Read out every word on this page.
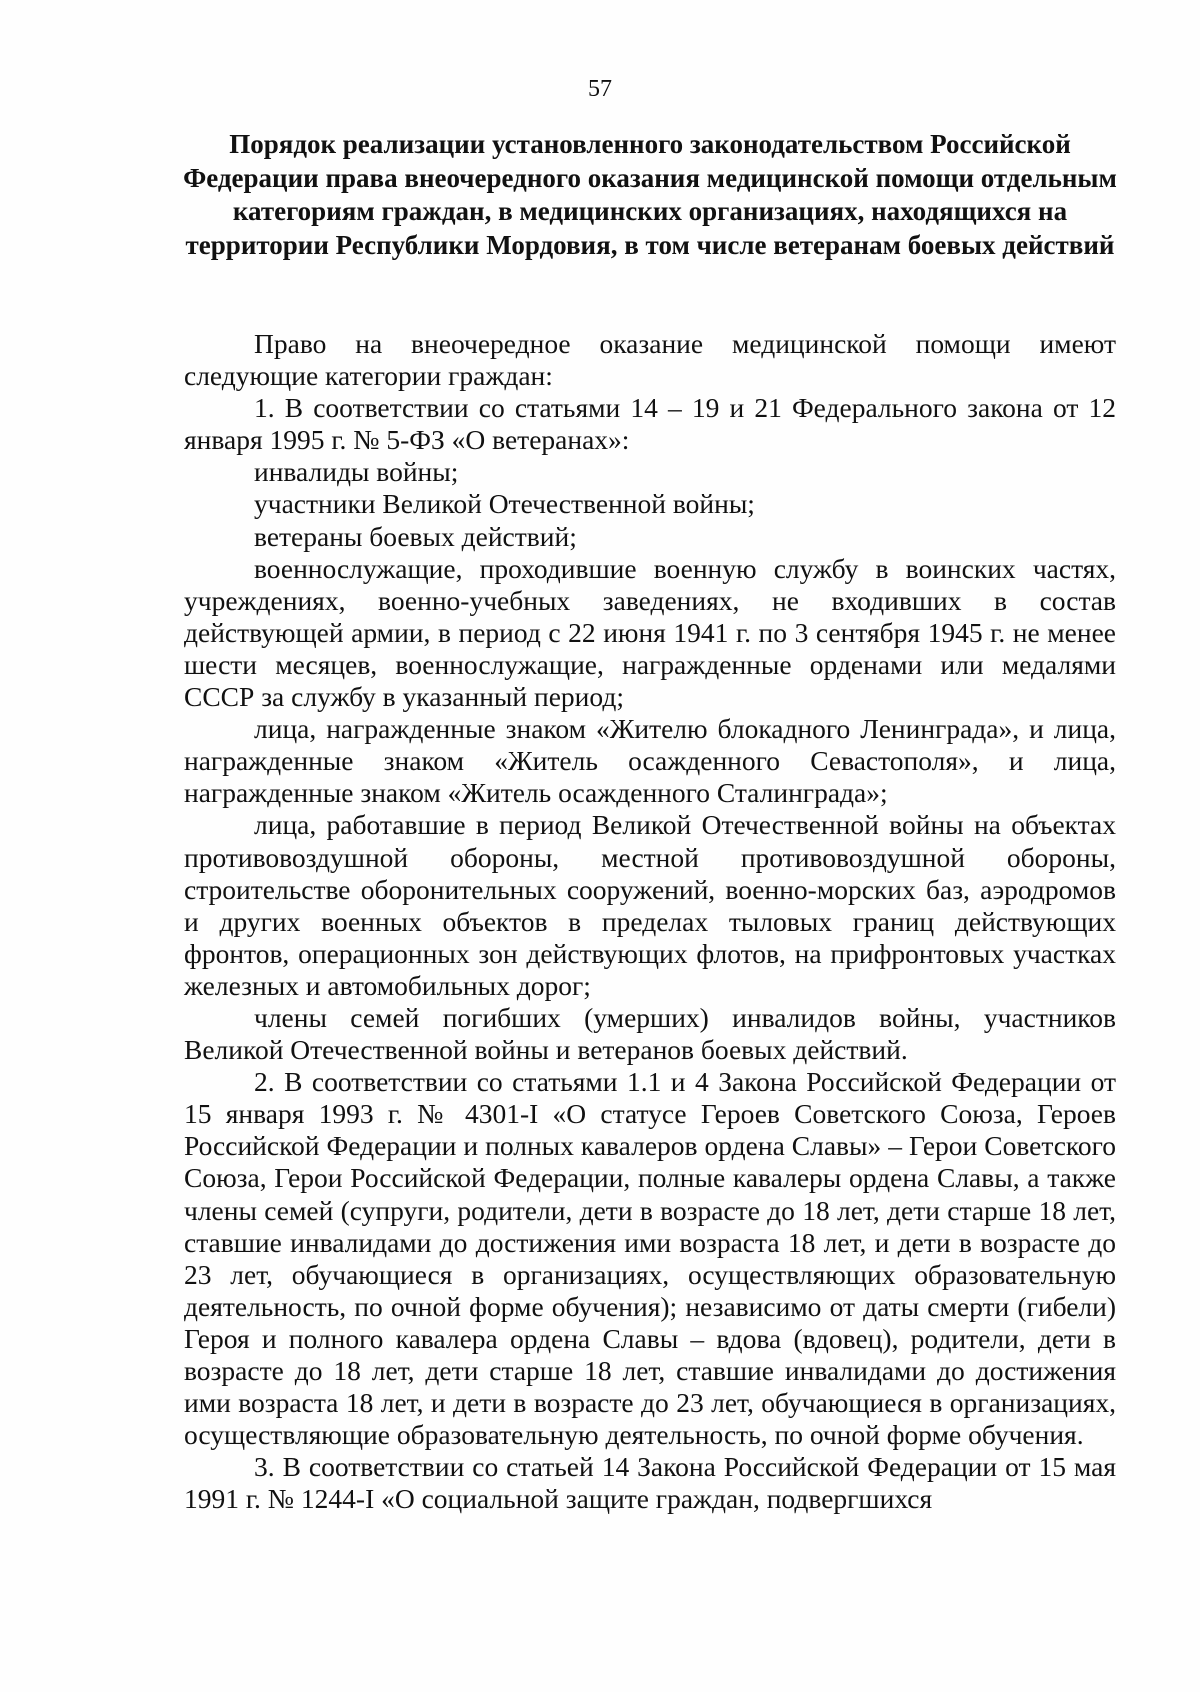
57
Порядок реализации установленного законодательством Российской Федерации права внеочередного оказания медицинской помощи отдельным категориям граждан, в медицинских организациях, находящихся на территории Республики Мордовия, в том числе ветеранам боевых действий

Право на внеочередное оказание медицинской помощи имеют следующие категории граждан:

1. В соответствии со статьями 14 – 19 и 21 Федерального закона от 12 января 1995 г. № 5-ФЗ «О ветеранах»:

инвалиды войны;

участники Великой Отечественной войны;

ветераны боевых действий;

военнослужащие, проходившие военную службу в воинских частях, учреждениях, военно-учебных заведениях, не входивших в состав действующей армии, в период с 22 июня 1941 г. по 3 сентября 1945 г. не менее шести месяцев, военнослужащие, награжденные орденами или медалями СССР за службу в указанный период;

лица, награжденные знаком «Жителю блокадного Ленинграда», и лица, награжденные знаком «Житель осажденного Севастополя», и лица, награжденные знаком «Житель осажденного Сталинграда»;

лица, работавшие в период Великой Отечественной войны на объектах противовоздушной обороны, местной противовоздушной обороны, строительстве оборонительных сооружений, военно-морских баз, аэродромов и других военных объектов в пределах тыловых границ действующих фронтов, операционных зон действующих флотов, на прифронтовых участках железных и автомобильных дорог;

члены семей погибших (умерших) инвалидов войны, участников Великой Отечественной войны и ветеранов боевых действий.

2. В соответствии со статьями 1.1 и 4 Закона Российской Федерации от 15 января 1993 г. № 4301-I «О статусе Героев Советского Союза, Героев Российской Федерации и полных кавалеров ордена Славы» – Герои Советского Союза, Герои Российской Федерации, полные кавалеры ордена Славы, а также члены семей (супруги, родители, дети в возрасте до 18 лет, дети старше 18 лет, ставшие инвалидами до достижения ими возраста 18 лет, и дети в возрасте до 23 лет, обучающиеся в организациях, осуществляющих образовательную деятельность, по очной форме обучения); независимо от даты смерти (гибели) Героя и полного кавалера ордена Славы – вдова (вдовец), родители, дети в возрасте до 18 лет, дети старше 18 лет, ставшие инвалидами до достижения ими возраста 18 лет, и дети в возрасте до 23 лет, обучающиеся в организациях, осуществляющие образовательную деятельность, по очной форме обучения.

3. В соответствии со статьей 14 Закона Российской Федерации от 15 мая 1991 г. № 1244-I «О социальной защите граждан, подвергшихся
